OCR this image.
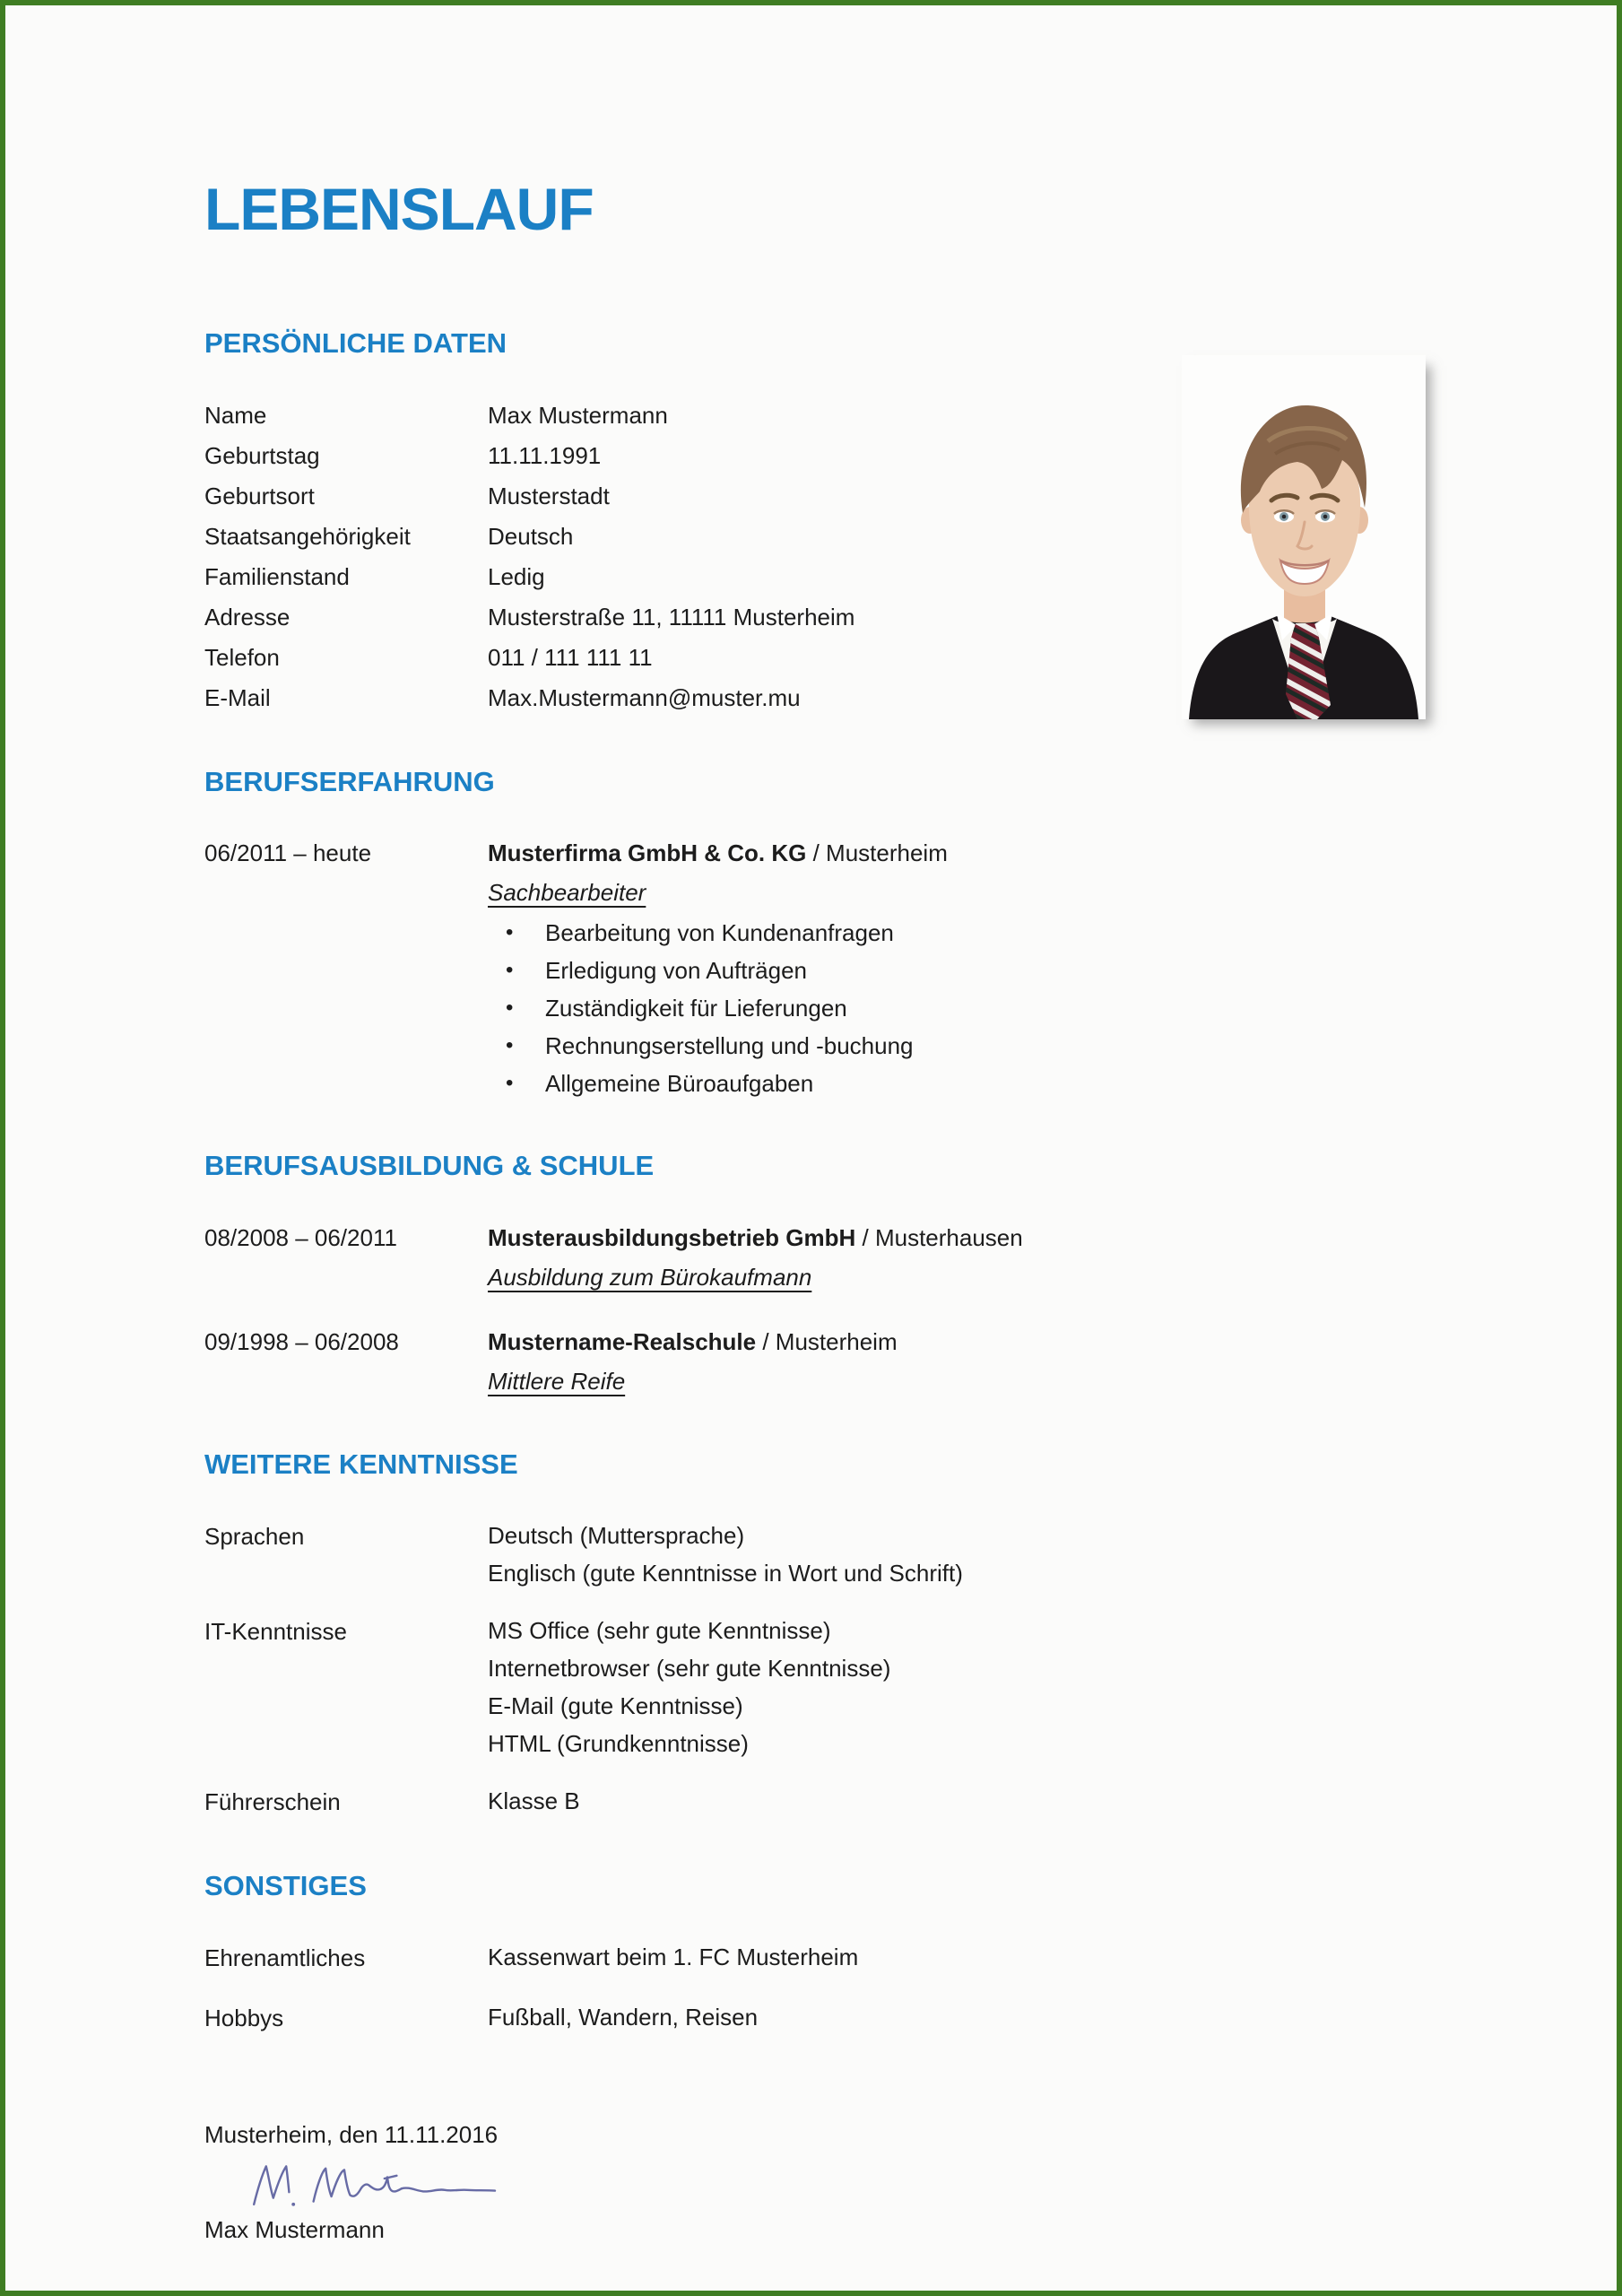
LEBENSLAUF
PERSÖNLICHE DATEN
Name	Max Mustermann
Geburtstag	11.11.1991
Geburtsort	Musterstadt
Staatsangehörigkeit	Deutsch
Familienstand	Ledig
Adresse	Musterstraße 11, 11111 Musterheim
Telefon	011 / 111 111 11
E-Mail	Max.Mustermann@muster.mu
BERUFSERFAHRUNG
06/2011 – heute	Musterfirma GmbH & Co. KG / Musterheim
Sachbearbeiter
•	Bearbeitung von Kundenanfragen
•	Erledigung von Aufträgen
•	Zuständigkeit für Lieferungen
•	Rechnungserstellung und -buchung
•	Allgemeine Büroaufgaben
BERUFSAUSBILDUNG & SCHULE
08/2008 – 06/2011	Musterausbildungsbetrieb GmbH / Musterhausen
Ausbildung zum Bürokaufmann
09/1998 – 06/2008	Mustername-Realschule / Musterheim
Mittlere Reife
WEITERE KENNTNISSE
Sprachen	Deutsch (Muttersprache)
Englisch (gute Kenntnisse in Wort und Schrift)
IT-Kenntnisse	MS Office (sehr gute Kenntnisse)
Internetbrowser (sehr gute Kenntnisse)
E-Mail (gute Kenntnisse)
HTML (Grundkenntnisse)
Führerschein	Klasse B
SONSTIGES
Ehrenamtliches	Kassenwart beim 1. FC Musterheim
Hobbys	Fußball, Wandern, Reisen
Musterheim, den 11.11.2016
Max Mustermann
